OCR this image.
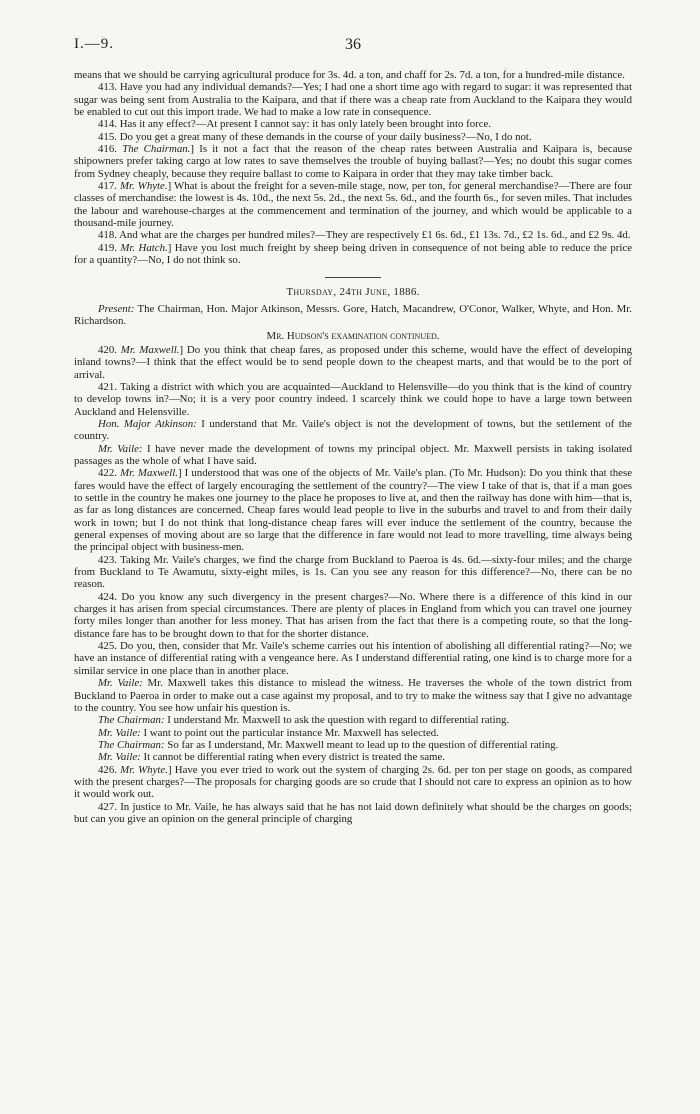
I.—9.	36

means that we should be carrying agricultural produce for 3s. 4d. a ton, and chaff for 2s. 7d. a ton, for a hundred-mile distance.

413. Have you had any individual demands?—Yes; I had one a short time ago with regard to sugar: it was represented that sugar was being sent from Australia to the Kaipara, and that if there was a cheap rate from Auckland to the Kaipara they would be enabled to cut out this import trade. We had to make a low rate in consequence.

414. Has it any effect?—At present I cannot say: it has only lately been brought into force.

415. Do you get a great many of these demands in the course of your daily business?—No, I do not.

416. The Chairman.] Is it not a fact that the reason of the cheap rates between Australia and Kaipara is, because shipowners prefer taking cargo at low rates to save themselves the trouble of buying ballast?—Yes; no doubt this sugar comes from Sydney cheaply, because they require ballast to come to Kaipara in order that they may take timber back.

417. Mr. Whyte.] What is about the freight for a seven-mile stage, now, per ton, for general merchandise?—There are four classes of merchandise: the lowest is 4s. 10d., the next 5s. 2d., the next 5s. 6d., and the fourth 6s., for seven miles. That includes the labour and warehouse-charges at the commencement and termination of the journey, and which would be applicable to a thousand-mile journey.

418. And what are the charges per hundred miles?—They are respectively £1 6s. 6d., £1 13s. 7d., £2 1s. 6d., and £2 9s. 4d.

419. Mr. Hatch.] Have you lost much freight by sheep being driven in consequence of not being able to reduce the price for a quantity?—No, I do not think so.

Thursday, 24th June, 1886.

Present: The Chairman, Hon. Major Atkinson, Messrs. Gore, Hatch, Macandrew, O'Conor, Walker, Whyte, and Hon. Mr. Richardson.

Mr. Hudson's examination continued.

420. Mr. Maxwell.] Do you think that cheap fares, as proposed under this scheme, would have the effect of developing inland towns?—I think that the effect would be to send people down to the cheapest marts, and that would be to the port of arrival.

421. Taking a district with which you are acquainted—Auckland to Helensville—do you think that is the kind of country to develop towns in?—No; it is a very poor country indeed. I scarcely think we could hope to have a large town between Auckland and Helensville.

Hon. Major Atkinson: I understand that Mr. Vaile's object is not the development of towns, but the settlement of the country.

Mr. Vaile: I have never made the development of towns my principal object. Mr. Maxwell persists in taking isolated passages as the whole of what I have said.

422. Mr. Maxwell.] I understood that was one of the objects of Mr. Vaile's plan. (To Mr. Hudson): Do you think that these fares would have the effect of largely encouraging the settlement of the country?—The view I take of that is, that if a man goes to settle in the country he makes one journey to the place he proposes to live at, and then the railway has done with him—that is, as far as long distances are concerned. Cheap fares would lead people to live in the suburbs and travel to and from their daily work in town; but I do not think that long-distance cheap fares will ever induce the settlement of the country, because the general expenses of moving about are so large that the difference in fare would not lead to more travelling, time always being the principal object with business-men.

423. Taking Mr. Vaile's charges, we find the charge from Buckland to Paeroa is 4s. 6d.—sixty-four miles; and the charge from Buckland to Te Awamutu, sixty-eight miles, is 1s. Can you see any reason for this difference?—No, there can be no reason.

424. Do you know any such divergency in the present charges?—No. Where there is a difference of this kind in our charges it has arisen from special circumstances. There are plenty of places in England from which you can travel one journey forty miles longer than another for less money. That has arisen from the fact that there is a competing route, so that the long-distance fare has to be brought down to that for the shorter distance.

425. Do you, then, consider that Mr. Vaile's scheme carries out his intention of abolishing all differential rating?—No; we have an instance of differential rating with a vengeance here. As I understand differential rating, one kind is to charge more for a similar service in one place than in another place.

Mr. Vaile: Mr. Maxwell takes this distance to mislead the witness. He traverses the whole of the town district from Buckland to Paeroa in order to make out a case against my proposal, and to try to make the witness say that I give no advantage to the country. You see how unfair his question is.

The Chairman: I understand Mr. Maxwell to ask the question with regard to differential rating.

Mr. Vaile: I want to point out the particular instance Mr. Maxwell has selected.

The Chairman: So far as I understand, Mr. Maxwell meant to lead up to the question of differential rating.

Mr. Vaile: It cannot be differential rating when every district is treated the same.

426. Mr. Whyte.] Have you ever tried to work out the system of charging 2s. 6d. per ton per stage on goods, as compared with the present charges?—The proposals for charging goods are so crude that I should not care to express an opinion as to how it would work out.

427. In justice to Mr. Vaile, he has always said that he has not laid down definitely what should be the charges on goods; but can you give an opinion on the general principle of charging
